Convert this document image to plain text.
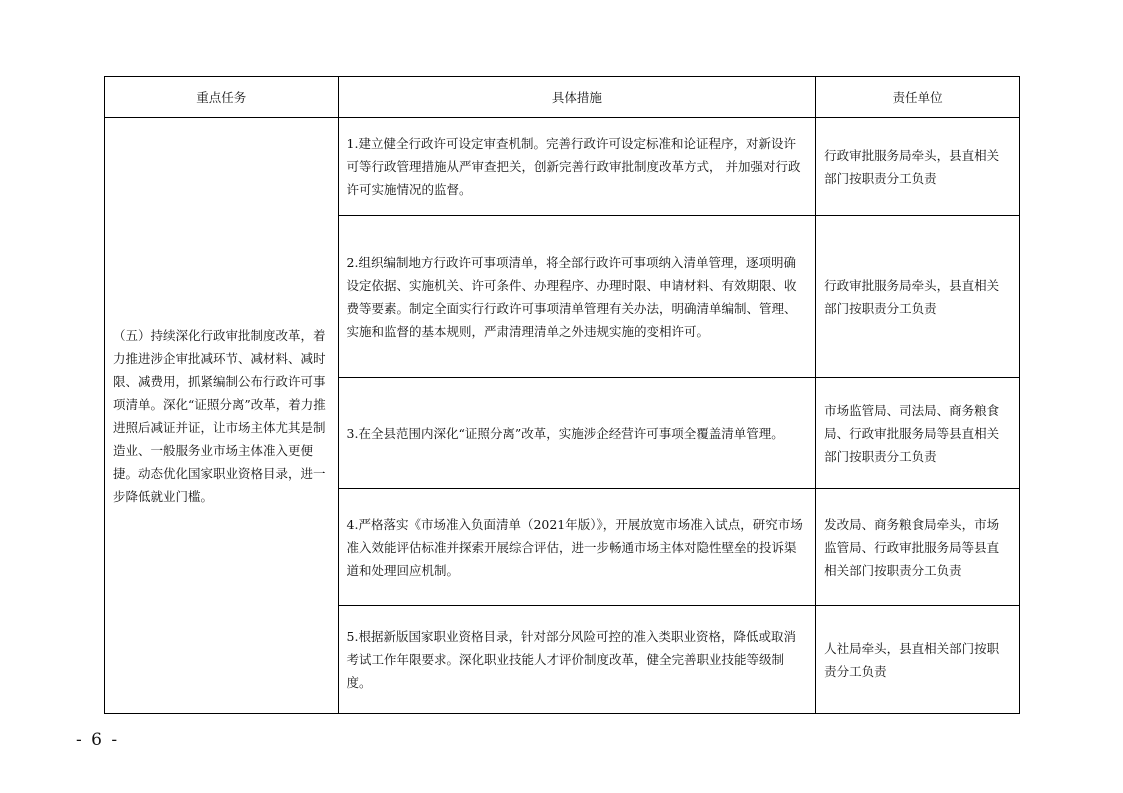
重点任务	具体措施	责任单位
（五）持续深化行政审批制度改革，着力推进涉企审批减环节、减材料、减时限、减费用，抓紧编制公布行政许可事项清单。深化“证照分离”改革，着力推进照后减证并证，让市场主体尤其是制造业、一般服务业市场主体准入更便捷。动态优化国家职业资格目录，进一步降低就业门槛。	1.建立健全行政许可设定审查机制。完善行政许可设定标准和论证程序，对新设许可等行政管理措施从严审查把关，创新完善行政审批制度改革方式， 并加强对行政许可实施情况的监督。	行政审批服务局牵头，县直相关部门按职责分工负责
	2.组织编制地方行政许可事项清单，将全部行政许可事项纳入清单管理，逐项明确设定依据、实施机关、许可条件、办理程序、办理时限、申请材料、有效期限、收费等要素。制定全面实行行政许可事项清单管理有关办法，明确清单编制、管理、实施和监督的基本规则，严肃清理清单之外违规实施的变相许可。	行政审批服务局牵头，县直相关部门按职责分工负责
	3.在全县范围内深化“证照分离”改革，实施涉企经营许可事项全覆盖清单管理。	市场监管局、司法局、商务粮食局、行政审批服务局等县直相关部门按职责分工负责
	4.严格落实《市场准入负面清单（2021年版）》，开展放宽市场准入试点，研究市场准入效能评估标准并探索开展综合评估，进一步畅通市场主体对隐性壁垒的投诉渠道和处理回应机制。	发改局、商务粮食局牵头，市场监管局、行政审批服务局等县直相关部门按职责分工负责
	5.根据新版国家职业资格目录，针对部分风险可控的准入类职业资格，降低或取消考试工作年限要求。深化职业技能人才评价制度改革，健全完善职业技能等级制度。	人社局牵头，县直相关部门按职责分工负责
- 6 -
